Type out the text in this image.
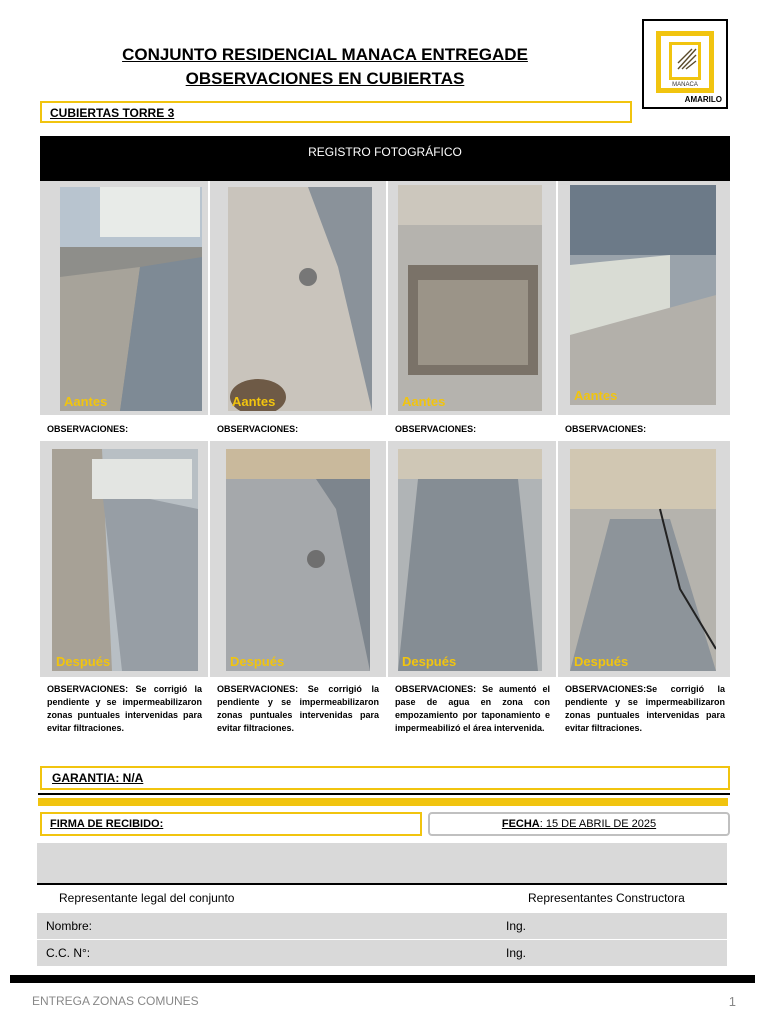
CONJUNTO RESIDENCIAL MANACA ENTREGADE
OBSERVACIONES EN CUBIERTAS	MANACA
AMARILO
CUBIERTAS TORRE 3
REGISTRO FOTOGRÁFICO
Aantes	Aantes	Aantes	Aantes
OBSERVACIONES:	OBSERVACIONES:	OBSERVACIONES:	OBSERVACIONES:
Después	Después	Después	Después
OBSERVACIONES: Se corrigió la pendiente y se impermeabilizaron zonas puntuales intervenidas para evitar filtraciones.
OBSERVACIONES: Se corrigió la pendiente y se impermeabilizaron zonas puntuales intervenidas para evitar filtraciones.
OBSERVACIONES: Se aumentó el pase de agua en zona con empozamiento por taponamiento e impermeabilizó el área intervenida.
OBSERVACIONES:Se corrigió la pendiente y se impermeabilizaron zonas puntuales intervenidas para evitar filtraciones.
GARANTIA: N/A
FIRMA DE RECIBIDO:	FECHA: 15 DE ABRIL DE 2025
Representante legal del conjunto	Representantes Constructora
Nombre:	Ing.
C.C. N°:	Ing.
ENTREGA ZONAS COMUNES	1
